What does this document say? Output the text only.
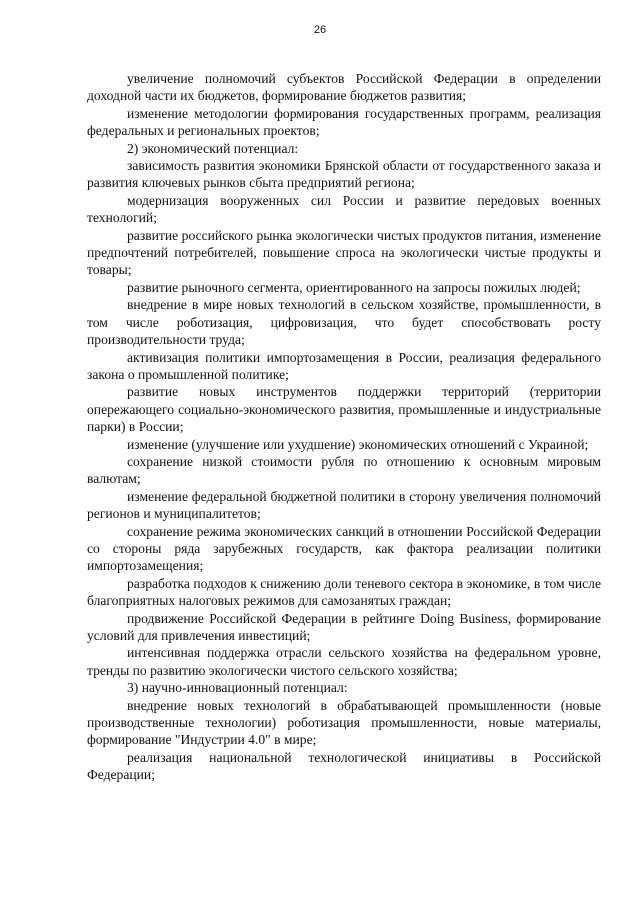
26

увеличение полномочий субъектов Российской Федерации в определении доходной части их бюджетов, формирование бюджетов развития;

изменение методологии формирования государственных программ, реализация федеральных и региональных проектов;

2) экономический потенциал:

зависимость развития экономики Брянской области от государственного заказа и развития ключевых рынков сбыта предприятий региона;

модернизация вооруженных сил России и развитие передовых военных технологий;

развитие российского рынка экологически чистых продуктов питания, изменение предпочтений потребителей, повышение спроса на экологически чистые продукты и товары;

развитие рыночного сегмента, ориентированного на запросы пожилых людей;

внедрение в мире новых технологий в сельском хозяйстве, промышленности, в том числе роботизация, цифровизация, что будет способствовать росту производительности труда;

активизация политики импортозамещения в России, реализация федерального закона о промышленной политике;

развитие новых инструментов поддержки территорий (территории опережающего социально-экономического развития, промышленные и индустриальные парки) в России;

изменение (улучшение или ухудшение) экономических отношений с Украиной;

сохранение низкой стоимости рубля по отношению к основным мировым валютам;

изменение федеральной бюджетной политики в сторону увеличения полномочий регионов и муниципалитетов;

сохранение режима экономических санкций в отношении Российской Федерации со стороны ряда зарубежных государств, как фактора реализации политики импортозамещения;

разработка подходов к снижению доли теневого сектора в экономике, в том числе благоприятных налоговых режимов для самозанятых граждан;

продвижение Российской Федерации в рейтинге Doing Business, формирование условий для привлечения инвестиций;

интенсивная поддержка отрасли сельского хозяйства на федеральном уровне, тренды по развитию экологически чистого сельского хозяйства;

3) научно-инновационный потенциал:

внедрение новых технологий в обрабатывающей промышленности (новые производственные технологии) роботизация промышленности, новые материалы, формирование "Индустрии 4.0" в мире;

реализация национальной технологической инициативы в Российской Федерации;
